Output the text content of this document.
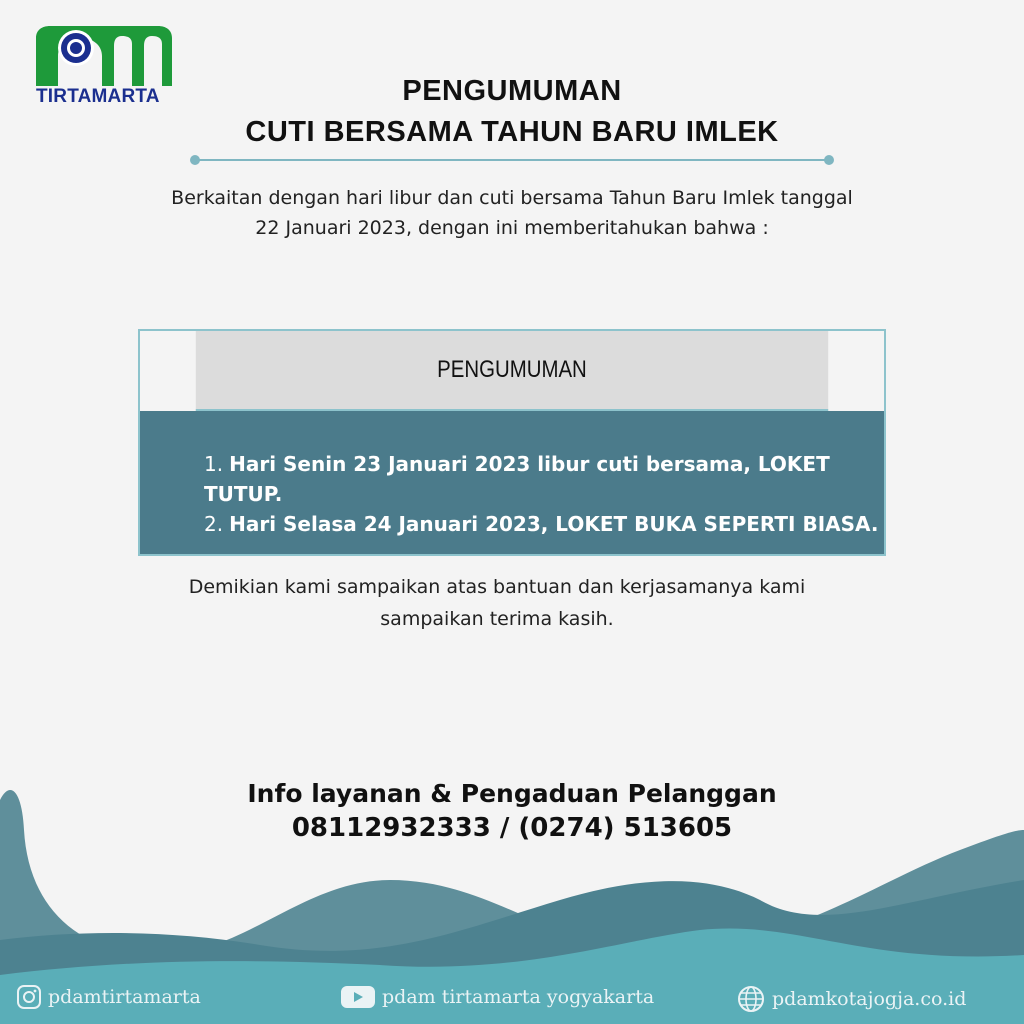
TIRTAMARTA	PENGUMUMAN
CUTI BERSAMA TAHUN BARU IMLEK
Berkaitan dengan hari libur dan cuti bersama Tahun Baru Imlek tanggal
22 Januari 2023, dengan ini memberitahukan bahwa :
PENGUMUMAN
1. Hari Senin 23 Januari 2023 libur cuti bersama, LOKET TUTUP.
2. Hari Selasa 24 Januari 2023, LOKET BUKA SEPERTI BIASA.
Demikian kami sampaikan atas bantuan dan kerjasamanya kami
sampaikan terima kasih.
Info layanan & Pengaduan Pelanggan
08112932333 / (0274) 513605
pdamtirtamarta	pdam tirtamarta yogyakarta	pdamkotajogja.co.id
